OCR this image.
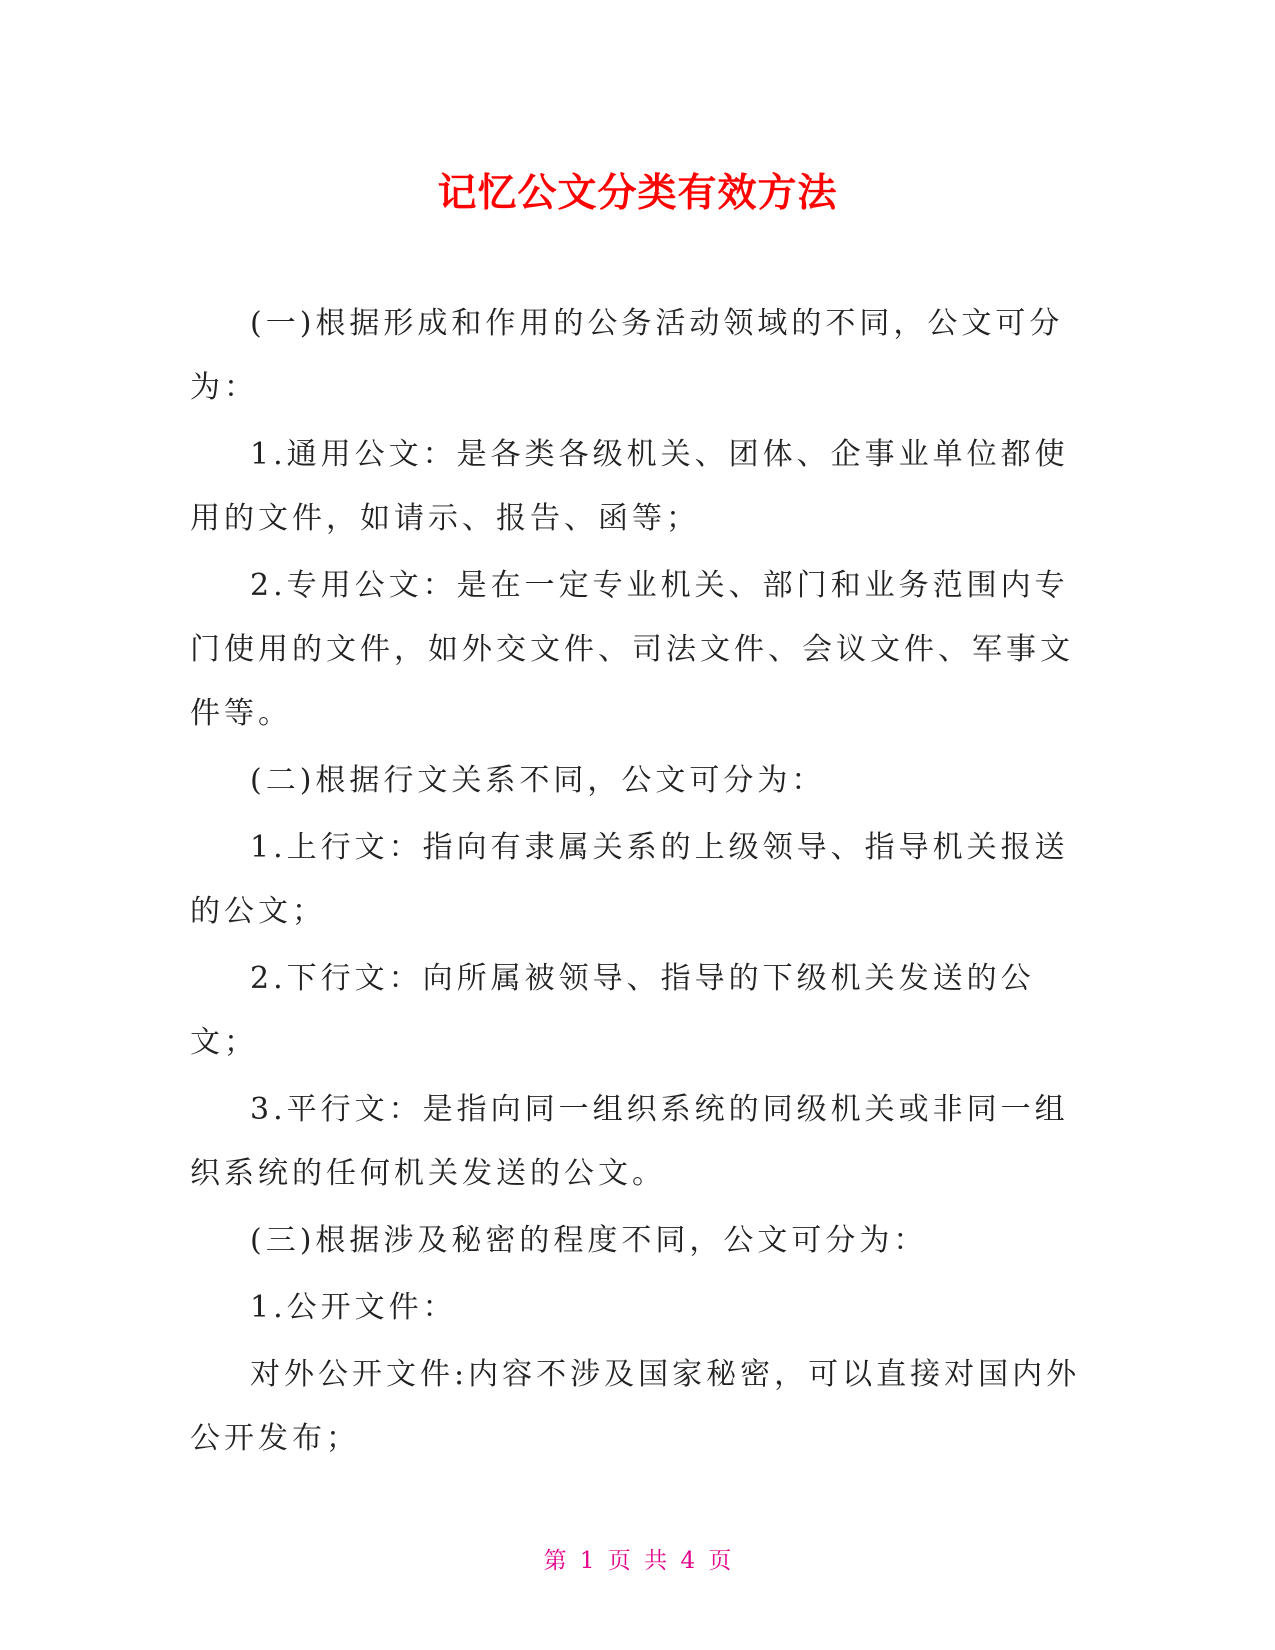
记忆公文分类有效方法

(一)根据形成和作用的公务活动领域的不同，公文可分为：

1.通用公文：是各类各级机关、团体、企事业单位都使用的文件，如请示、报告、函等；

2.专用公文：是在一定专业机关、部门和业务范围内专门使用的文件，如外交文件、司法文件、会议文件、军事文件等。

(二)根据行文关系不同，公文可分为：

1.上行文：指向有隶属关系的上级领导、指导机关报送的公文；

2.下行文：向所属被领导、指导的下级机关发送的公文；

3.平行文：是指向同一组织系统的同级机关或非同一组织系统的任何机关发送的公文。

(三)根据涉及秘密的程度不同，公文可分为：

1.公开文件：

对外公开文件:内容不涉及国家秘密，可以直接对国内外公开发布；

第 1 页 共 4 页
